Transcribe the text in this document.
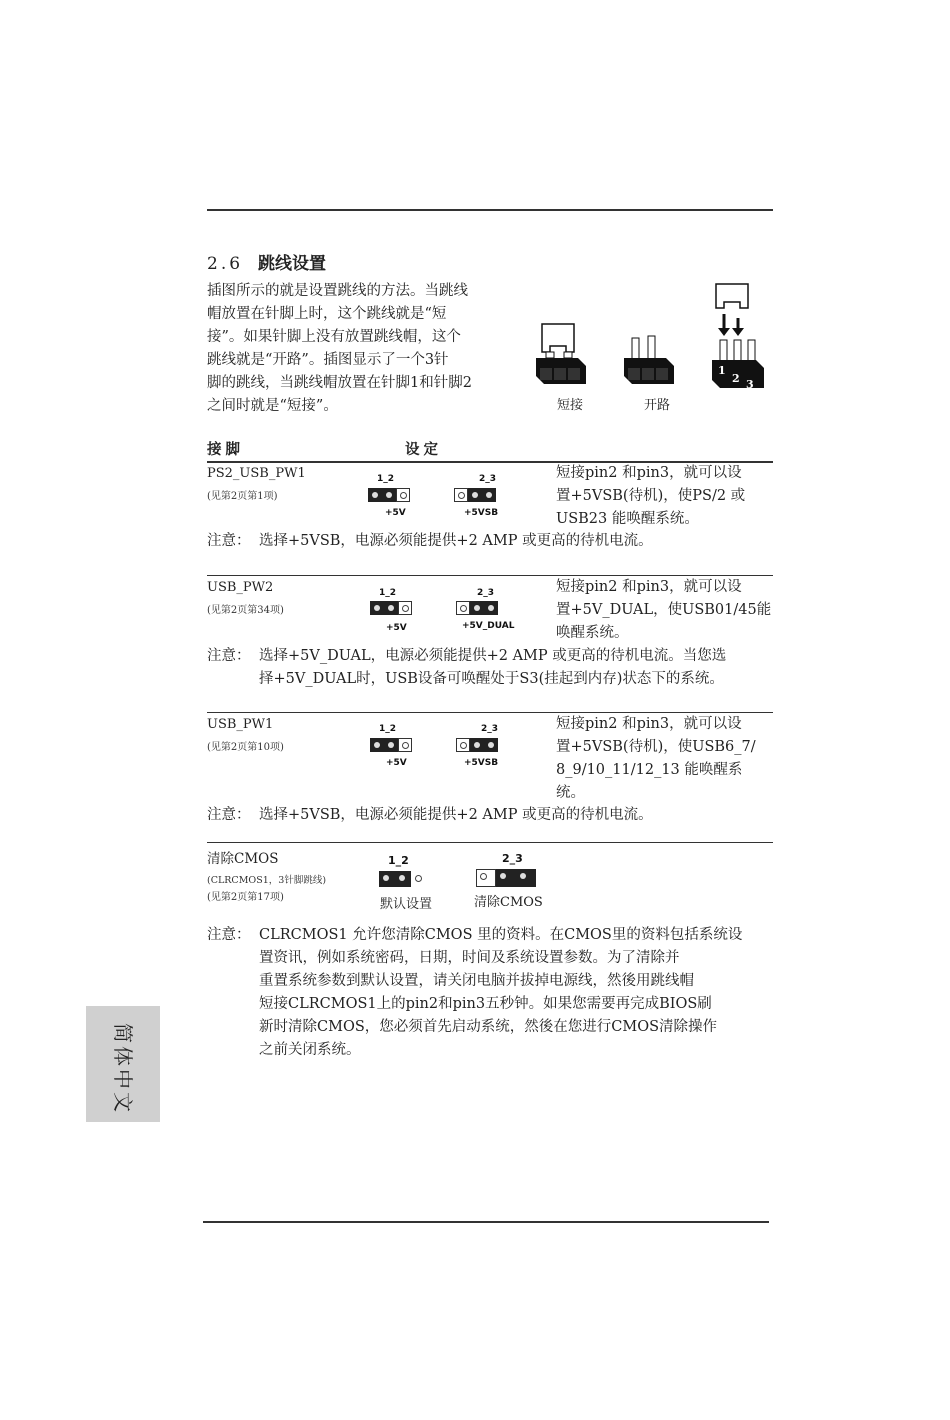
2.6 跳线设置
插图所示的就是设置跳线的方法。当跳线
帽放置在针脚上时，这个跳线就是“短
接”。如果针脚上没有放置跳线帽，这个
跳线就是“开路”。插图显示了一个3针
脚的跳线，当跳线帽放置在针脚1和针脚2
之间时就是“短接”。
1
2 3
短接	开路
接脚	设定
PS2_USB_PW1
(见第2页第1项)
1_2
+5V
2_3
+5VSB
短接pin2 和pin3，就可以设
置+5VSB(待机)，使PS/2 或
USB23 能唤醒系统。
注意： 选择+5VSB，电源必须能提供+2 AMP 或更高的待机电流。
USB_PW2
(见第2页第34项)
1_2
+5V
2_3
+5V_DUAL
短接pin2 和pin3，就可以设
置+5V_DUAL，使USB01/45能
唤醒系统。
注意： 选择+5V_DUAL，电源必须能提供+2 AMP 或更高的待机电流。当您选
择+5V_DUAL时，USB设备可唤醒处于S3(挂起到内存)状态下的系统。
USB_PW1
(见第2页第10项)
1_2
+5V
2_3
+5VSB
短接pin2 和pin3，就可以设
置+5VSB(待机)，使USB6_7/
8_9/10_11/12_13 能唤醒系
统。
注意： 选择+5VSB，电源必须能提供+2 AMP 或更高的待机电流。
清除CMOS
(CLRCMOS1，3针脚跳线)
(见第2页第17项)
1_2
默认设置
2_3
清除CMOS
注意： CLRCMOS1 允许您清除CMOS 里的资料。在CMOS里的资料包括系统设
置资讯，例如系统密码，日期，时间及系统设置参数。为了清除并
重置系统参数到默认设置，请关闭电脑并拔掉电源线，然後用跳线帽
短接CLRCMOS1上的pin2和pin3五秒钟。如果您需要再完成BIOS刷
新时清除CMOS，您必须首先启动系统，然後在您进行CMOS清除操作
之前关闭系统。
简
体
中
文
